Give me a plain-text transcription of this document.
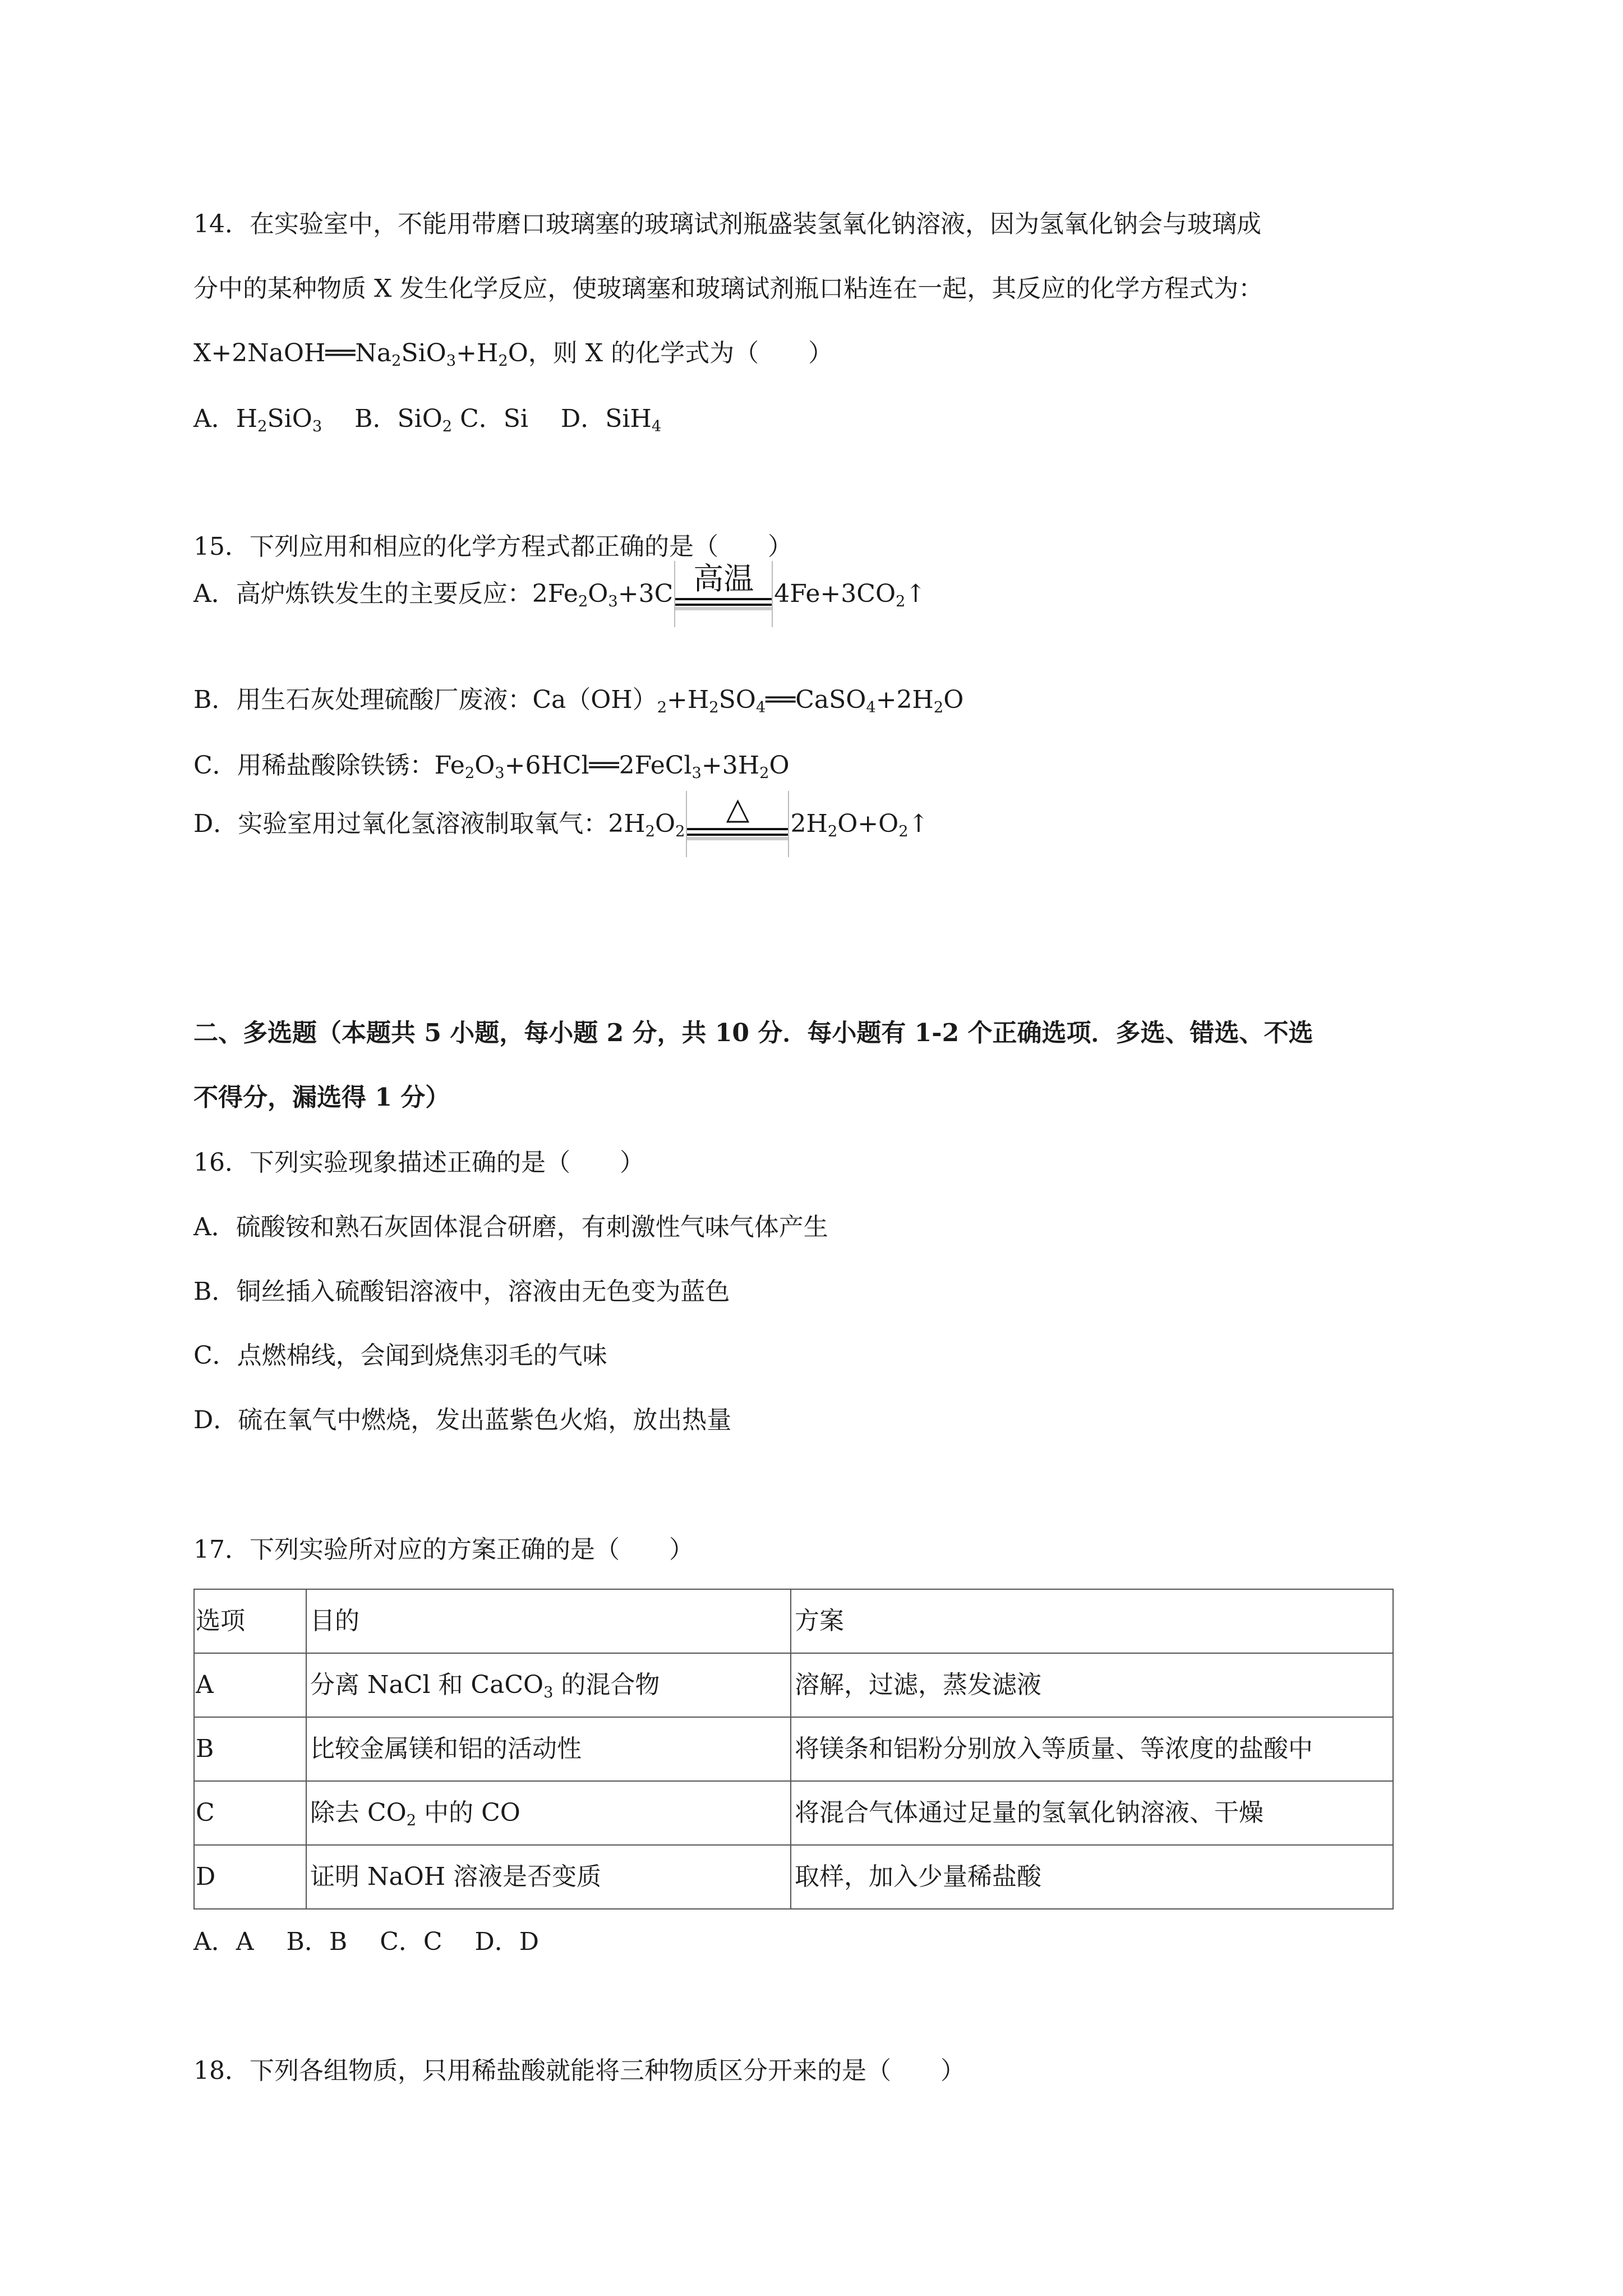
14．在实验室中，不能用带磨口玻璃塞的玻璃试剂瓶盛装氢氧化钠溶液，因为氢氧化钠会与玻璃成
分中的某种物质 X 发生化学反应，使玻璃塞和玻璃试剂瓶口粘连在一起，其反应的化学方程式为：
$X+2NaOH══Na_2SiO_3+H_2O$，则 X 的化学式为（　　）
A．$H_2SiO_3$　 B．SiO$_2$ C．Si　 D．SiH$_4$
15．下列应用和相应的化学方程式都正确的是（　　）
A．高炉炼铁发生的主要反应：$2Fe_2O_3+3C$ 高温 $4Fe+3CO_2↑$
B．用生石灰处理硫酸厂废液：$Ca(OH)_2+H_2SO_4══CaSO_4+2H_2O$
C．用稀盐酸除铁锈：$Fe_2O_3+6HCl══2FeCl_3+3H_2O$
D．实验室用过氧化氢溶液制取氧气：$2H_2O_2$
△	$2H_2O+O_2↑$
二、多选题（本题共 5 小题，每小题 2 分，共 10 分．每小题有 1-2 个正确选项．多选、错选、不选
不得分，漏选得 1 分）
16．下列实验现象描述正确的是（　　）
A．硫酸铵和熟石灰固体混合研磨，有刺激性气味气体产生
B．铜丝插入硫酸铝溶液中，溶液由无色变为蓝色
C．点燃棉线，会闻到烧焦羽毛的气味
D．硫在氧气中燃烧，发出蓝紫色火焰，放出热量
17．下列实验所对应的方案正确的是（　　）
选项	目的	方案
A	分离 NaCl 和 CaCO$_3$ 的混合物	溶解，过滤，蒸发滤液
B	比较金属镁和铝的活动性	将镁条和铝粉分别放入等质量、等浓度的盐酸中
C	除去 $CO_2$ 中的 CO	将混合气体通过足量的氢氧化钠溶液、干燥
D	证明 NaOH 溶液是否变质	取样，加入少量稀盐酸
A．A　 B．B　 C．C　 D．D
18．下列各组物质，只用稀盐酸就能将三种物质区分开来的是（　　）
